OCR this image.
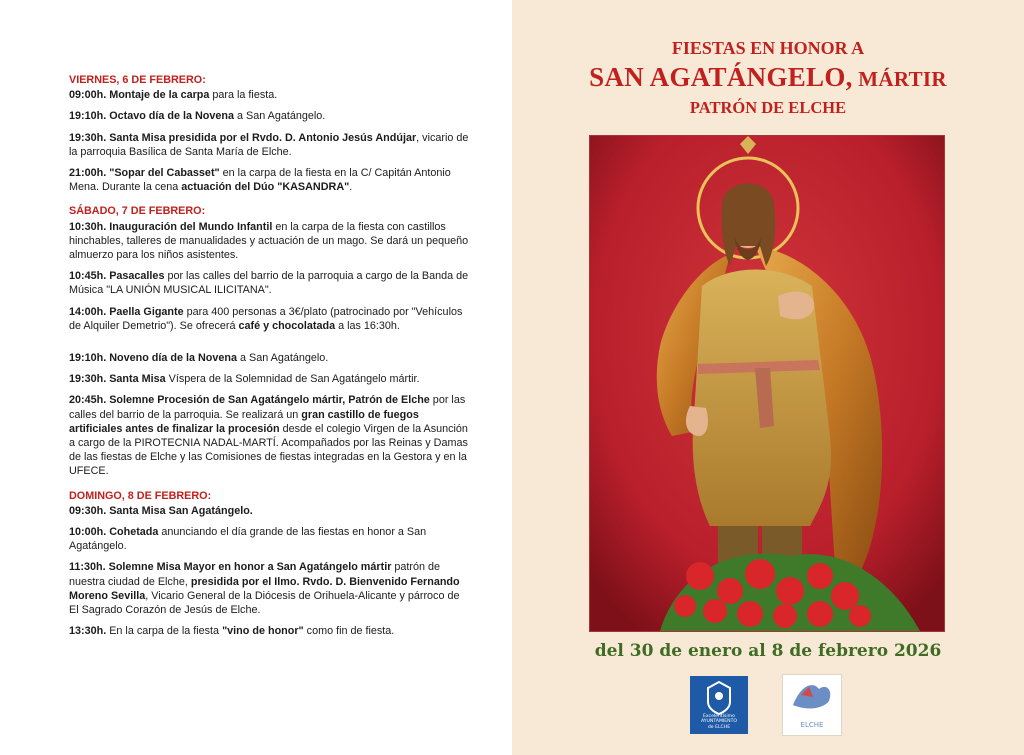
VIERNES, 6 DE FEBRERO:
09:00h. Montaje de la carpa para la fiesta.
19:10h. Octavo día de la Novena a San Agatángelo.
19:30h. Santa Misa presidida por el Rvdo. D. Antonio Jesús Andújar, vicario de la parroquia Basílica de Santa María de Elche.
21:00h. "Sopar del Cabasset" en la carpa de la fiesta en la C/ Capitán Antonio Mena. Durante la cena actuación del Dúo "KASANDRA".
SÁBADO, 7 DE FEBRERO:
10:30h. Inauguración del Mundo Infantil en la carpa de la fiesta con castillos hinchables, talleres de manualidades y actuación de un mago. Se dará un pequeño almuerzo para los niños asistentes.
10:45h. Pasacalles por las calles del barrio de la parroquia a cargo de la Banda de Música "LA UNIÓN MUSICAL ILICITANA".
14:00h. Paella Gigante para 400 personas a 3€/plato (patrocinado por "Vehículos de Alquiler Demetrio"). Se ofrecerá café y chocolatada a las 16:30h.
19:10h. Noveno día de la Novena a San Agatángelo.
19:30h. Santa Misa Víspera de la Solemnidad de San Agatángelo mártir.
20:45h. Solemne Procesión de San Agatángelo mártir, Patrón de Elche por las calles del barrio de la parroquia. Se realizará un gran castillo de fuegos artificiales antes de finalizar la procesión desde el colegio Virgen de la Asunción a cargo de la PIROTECNIA NADAL-MARTÍ. Acompañados por las Reinas y Damas de las fiestas de Elche y las Comisiones de fiestas integradas en la Gestora y en la UFECE.
DOMINGO, 8 DE FEBRERO:
09:30h. Santa Misa San Agatángelo.
10:00h. Cohetada anunciando el día grande de las fiestas en honor a San Agatángelo.
11:30h. Solemne Misa Mayor en honor a San Agatángelo mártir patrón de nuestra ciudad de Elche, presidida por el Ilmo. Rvdo. D. Bienvenido Fernando Moreno Sevilla, Vicario General de la Diócesis de Orihuela-Alicante y párroco de El Sagrado Corazón de Jesús de Elche.
13:30h. En la carpa de la fiesta "vino de honor" como fin de fiesta.
FIESTAS EN HONOR A
SAN AGATÁNGELO, MÁRTIR
PATRÓN DE ELCHE
del 30 de enero al 8 de febrero 2026
Excelentísimo
AYUNTAMIENTO
de ELCHE	ELCHE
